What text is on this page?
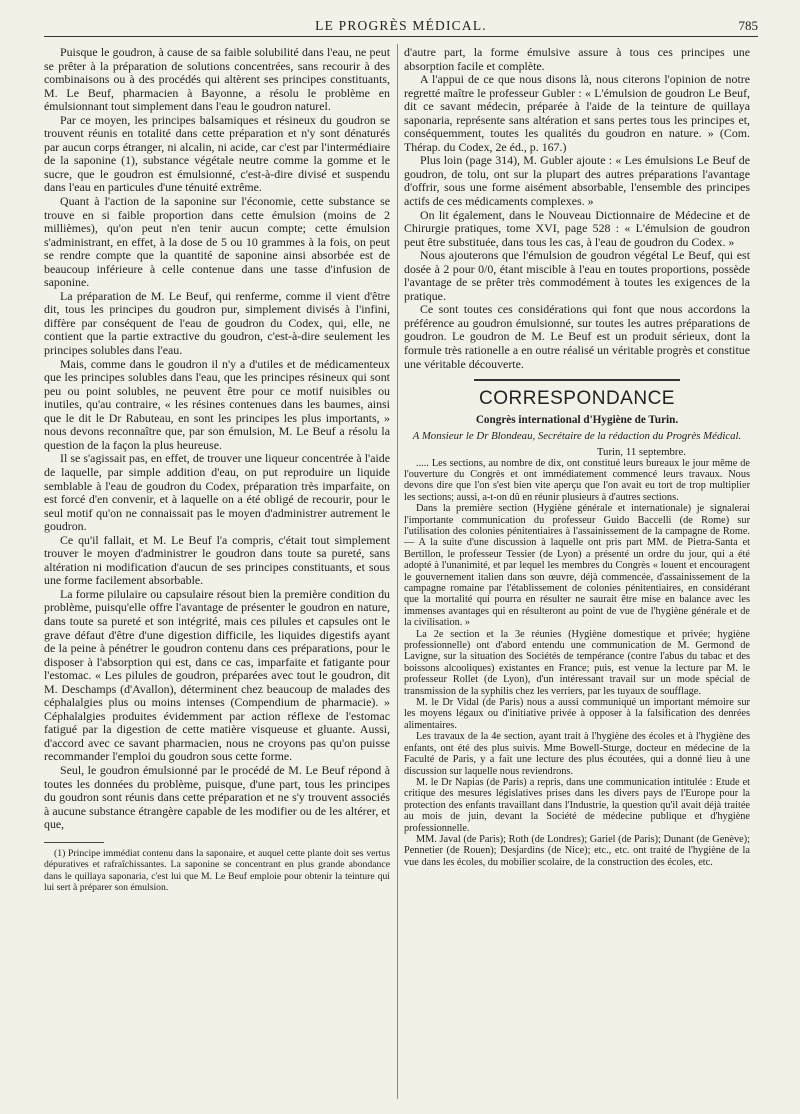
LE PROGRÈS MÉDICAL.	785

Puisque le goudron, à cause de sa faible solubilité dans l'eau, ne peut se prêter à la préparation de solutions concentrées, sans recourir à des combinaisons ou à des procédés qui altèrent ses principes constituants, M. Le Beuf, pharmacien à Bayonne, a résolu le problème en émulsionnant tout simplement dans l'eau le goudron naturel.

Par ce moyen, les principes balsamiques et résineux du goudron se trouvent réunis en totalité dans cette préparation et n'y sont dénaturés par aucun corps étranger, ni alcalin, ni acide, car c'est par l'intermédiaire de la saponine (1), substance végétale neutre comme la gomme et le sucre, que le goudron est émulsionné, c'est-à-dire divisé et suspendu dans l'eau en particules d'une ténuité extrême.

Quant à l'action de la saponine sur l'économie, cette substance se trouve en si faible proportion dans cette émulsion (moins de 2 millièmes), qu'on peut n'en tenir aucun compte; cette émulsion s'administrant, en effet, à la dose de 5 ou 10 grammes à la fois, on peut se rendre compte que la quantité de saponine ainsi absorbée est de beaucoup inférieure à celle contenue dans une tasse d'infusion de saponine.

La préparation de M. Le Beuf, qui renferme, comme il vient d'être dit, tous les principes du goudron pur, simplement divisés à l'infini, diffère par conséquent de l'eau de goudron du Codex, qui, elle, ne contient que la partie extractive du goudron, c'est-à-dire seulement les principes solubles dans l'eau.

Mais, comme dans le goudron il n'y a d'utiles et de médicamenteux que les principes solubles dans l'eau, que les principes résineux qui sont peu ou point solubles, ne peuvent être pour ce motif nuisibles ou inutiles, qu'au contraire, « les résines contenues dans les baumes, ainsi que le dit le Dr Rabuteau, en sont les principes les plus importants, » nous devons reconnaître que, par son émulsion, M. Le Beuf a résolu la question de la façon la plus heureuse.

Il se s'agissait pas, en effet, de trouver une liqueur concentrée à l'aide de laquelle, par simple addition d'eau, on put reproduire un liquide semblable à l'eau de goudron du Codex, préparation très imparfaite, on est forcé d'en convenir, et à laquelle on a été obligé de recourir, pour le seul motif qu'on ne connaissait pas le moyen d'administrer autrement le goudron.

Ce qu'il fallait, et M. Le Beuf l'a compris, c'était tout simplement trouver le moyen d'administrer le goudron dans toute sa pureté, sans altération ni modification d'aucun de ses principes constituants, et sous une forme facilement absorbable.

La forme pilulaire ou capsulaire résout bien la première condition du problème, puisqu'elle offre l'avantage de présenter le goudron en nature, dans toute sa pureté et son intégrité, mais ces pilules et capsules ont le grave défaut d'être d'une digestion difficile, les liquides digestifs ayant de la peine à pénétrer le goudron contenu dans ces préparations, pour le disposer à l'absorption qui est, dans ce cas, imparfaite et fatigante pour l'estomac. « Les pilules de goudron, préparées avec tout le goudron, dit M. Deschamps (d'Avallon), déterminent chez beaucoup de malades des céphalalgies plus ou moins intenses (Compendium de pharmacie). » Céphalalgies produites évidemment par action réflexe de l'estomac fatigué par la digestion de cette matière visqueuse et gluante. Aussi, d'accord avec ce savant pharmacien, nous ne croyons pas qu'on puisse recommander l'emploi du goudron sous cette forme.

Seul, le goudron émulsionné par le procédé de M. Le Beuf répond à toutes les données du problème, puisque, d'une part, tous les principes du goudron sont réunis dans cette préparation et ne s'y trouvent associés à aucune substance étrangère capable de les modifier ou de les altérer, et que,

(1) Principe immédiat contenu dans la saponaire, et auquel cette plante doit ses vertus dépuratives et rafraîchissantes. La saponine se concentrant en plus grande abondance dans le quillaya saponaria, c'est lui que M. Le Beuf emploie pour obtenir la teinture qui lui sert à préparer son émulsion.

d'autre part, la forme émulsive assure à tous ces principes une absorption facile et complète.

A l'appui de ce que nous disons là, nous citerons l'opinion de notre regretté maître le professeur Gubler : « L'émulsion de goudron Le Beuf, dit ce savant médecin, préparée à l'aide de la teinture de quillaya saponaria, représente sans altération et sans pertes tous les principes et, conséquemment, toutes les qualités du goudron en nature. » (Com. Thérap. du Codex, 2e éd., p. 167.)

Plus loin (page 314), M. Gubler ajoute : « Les émulsions Le Beuf de goudron, de tolu, ont sur la plupart des autres préparations l'avantage d'offrir, sous une forme aisément absorbable, l'ensemble des principes actifs de ces médicaments complexes. »

On lit également, dans le Nouveau Dictionnaire de Médecine et de Chirurgie pratiques, tome XVI, page 528 : « L'émulsion de goudron peut être substituée, dans tous les cas, à l'eau de goudron du Codex. »

Nous ajouterons que l'émulsion de goudron végétal Le Beuf, qui est dosée à 2 pour 0/0, étant miscible à l'eau en toutes proportions, possède l'avantage de se prêter très commodément à toutes les exigences de la pratique.

Ce sont toutes ces considérations qui font que nous accordons la préférence au goudron émulsionné, sur toutes les autres préparations de goudron. Le goudron de M. Le Beuf est un produit sérieux, dont la formule très rationelle a en outre réalisé un véritable progrès et constitue une véritable découverte.

CORRESPONDANCE
Congrès international d'Hygiène de Turin.
A Monsieur le Dr Blondeau, Secrétaire de la rédaction du Progrès Médical.
Turin, 11 septembre.

..... Les sections, au nombre de dix, ont constitué leurs bureaux le jour même de l'ouverture du Congrès et ont immédiatement commencé leurs travaux. Nous devons dire que l'on s'est bien vite aperçu que l'on avait eu tort de trop multiplier les sections; aussi, a-t-on dû en réunir plusieurs à d'autres sections.

Dans la première section (Hygiène générale et internationale) je signalerai l'importante communication du professeur Guido Baccelli (de Rome) sur l'utilisation des colonies pénitentiaires à l'assainissement de la campagne de Rome. — A la suite d'une discussion à laquelle ont pris part MM. de Pietra-Santa et Bertillon, le professeur Tessier (de Lyon) a présenté un ordre du jour, qui a été adopté à l'unanimité, et par lequel les membres du Congrès « louent et encouragent le gouvernement italien dans son œuvre, déjà commencée, d'assainissement de la campagne romaine par l'établissement de colonies pénitentiaires, en considérant que la mortalité qui pourra en résulter ne saurait être mise en balance avec les immenses avantages qui en résulteront au point de vue de l'hygiène générale et de la civilisation. »

La 2e section et la 3e réunies (Hygiène domestique et privée; hygiène professionnelle) ont d'abord entendu une communication de M. Germond de Lavigne, sur la situation des Sociétés de tempérance (contre l'abus du tabac et des boissons alcooliques) existantes en France; puis, est venue la lecture par M. le professeur Rollet (de Lyon), d'un intéressant travail sur un mode spécial de transmission de la syphilis chez les verriers, par les tuyaux de soufflage.

M. le Dr Vidal (de Paris) nous a aussi communiqué un important mémoire sur les moyens légaux ou d'initiative privée à opposer à la falsification des denrées alimentaires.

Les travaux de la 4e section, ayant trait à l'hygiène des écoles et à l'hygiène des enfants, ont été des plus suivis. Mme Bowell-Sturge, docteur en médecine de la Faculté de Paris, y a fait une lecture des plus écoutées, qui a donné lieu à une discussion sur laquelle nous reviendrons.

M. le Dr Napias (de Paris) a repris, dans une communication intitulée : Etude et critique des mesures législatives prises dans les divers pays de l'Europe pour la protection des enfants travaillant dans l'Industrie, la question qu'il avait déjà traitée au mois de juin, devant la Société de médecine publique et d'hygiène professionnelle.

MM. Javal (de Paris); Roth (de Londres); Gariel (de Paris); Dunant (de Genève); Pennetier (de Rouen); Desjardins (de Nice); etc., etc. ont traité de l'hygiène de la vue dans les écoles, du mobilier scolaire, de la construction des écoles, etc.
